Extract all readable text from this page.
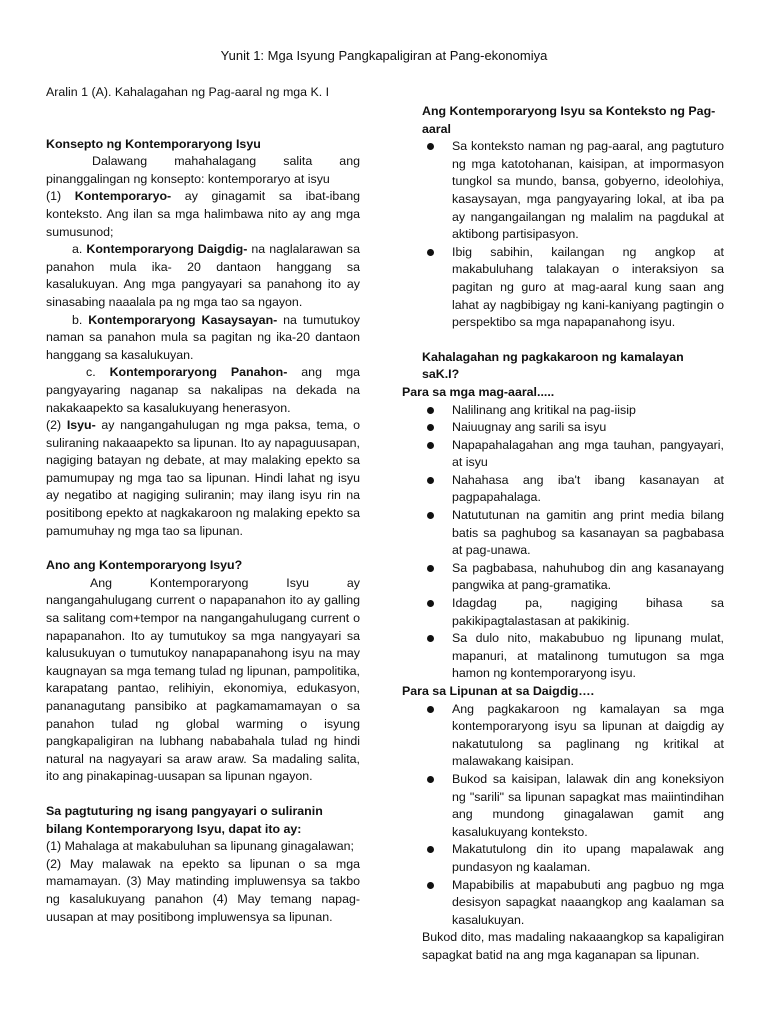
Yunit 1: Mga Isyung Pangkapaligiran at Pang-ekonomiya

Aralin 1 (A). Kahalagahan ng Pag-aaral ng mga K. I

Konsepto ng Kontemporaryong Isyu

Dalawang mahahalagang salita ang pinanggalingan ng konsepto: kontemporaryo at isyu

(1) Kontemporaryo- ay ginagamit sa ibat-ibang konteksto. Ang ilan sa mga halimbawa nito ay ang mga sumusunod;

a. Kontemporaryong Daigdig- na naglalarawan sa panahon mula ika- 20 dantaon hanggang sa kasalukuyan. Ang mga pangyayari sa panahong ito ay sinasabing naaalala pa ng mga tao sa ngayon.

b. Kontemporaryong Kasaysayan- na tumutukoy naman sa panahon mula sa pagitan ng ika-20 dantaon hanggang sa kasalukuyan.

c. Kontemporaryong Panahon- ang mga pangyayaring naganap sa nakalipas na dekada na nakakaapekto sa kasalukuyang henerasyon.

(2) Isyu- ay nangangahulugan ng mga paksa, tema, o suliraning nakaaapekto sa lipunan. Ito ay napaguusapan, nagiging batayan ng debate, at may malaking epekto sa pamumupay ng mga tao sa lipunan. Hindi lahat ng isyu ay negatibo at nagiging suliranin; may ilang isyu rin na positibong epekto at nagkakaroon ng malaking epekto sa pamumuhay ng mga tao sa lipunan.

Ano ang Kontemporaryong Isyu?

Ang Kontemporaryong Isyu ay nangangahulugang current o napapanahon ito ay galling sa salitang com+tempor na nangangahulugang current o napapanahon. Ito ay tumutukoy sa mga nangyayari sa kalusukuyan o tumutukoy nanapapanahong isyu na may kaugnayan sa mga temang tulad ng lipunan, pampolitika, karapatang pantao, relihiyin, ekonomiya, edukasyon, pananagutang pansibiko at pagkamamamayan o sa panahon tulad ng global warming o isyung pangkapaligiran na lubhang nababahala tulad ng hindi natural na nagyayari sa araw araw. Sa madaling salita, ito ang pinakapinag-uusapan sa lipunan ngayon.

Sa pagtuturing ng isang pangyayari o suliranin bilang Kontemporaryong Isyu, dapat ito ay:

(1) Mahalaga at makabuluhan sa lipunang ginagalawan;

(2) May malawak na epekto sa lipunan o sa mga mamamayan. (3) May matinding impluwensya sa takbo ng kasalukuyang panahon (4) May temang napag-uusapan at may positibong impluwensya sa lipunan.

Ang Kontemporaryong Isyu sa Konteksto ng Pag-aaral

Sa konteksto naman ng pag-aaral, ang pagtuturo ng mga katotohanan, kaisipan, at impormasyon tungkol sa mundo, bansa, gobyerno, ideolohiya, kasaysayan, mga pangyayaring lokal, at iba pa ay nangangailangan ng malalim na pagdukal at aktibong partisipasyon.
Ibig sabihin, kailangan ng angkop at makabuluhang talakayan o interaksiyon sa pagitan ng guro at mag-aaral kung saan ang lahat ay nagbibigay ng kani-kaniyang pagtingin o perspektibo sa mga napapanahong isyu.

Kahalagahan ng pagkakaroon ng kamalayan saK.I?

Para sa mga mag-aaral.....

Nalilinang ang kritikal na pag-iisip
Naiuugnay ang sarili sa isyu
Napapahalagahan ang mga tauhan, pangyayari, at isyu
Nahahasa ang iba't ibang kasanayan at pagpapahalaga.
Natututunan na gamitin ang print media bilang batis sa paghubog sa kasanayan sa pagbabasa at pag-unawa.
Sa pagbabasa, nahuhubog din ang kasanayang pangwika at pang-gramatika.
Idagdag pa, nagiging bihasa sa pakikipagtalastasan at pakikinig.
Sa dulo nito, makabubuo ng lipunang mulat, mapanuri, at matalinong tumutugon sa mga hamon ng kontemporaryong isyu.

Para sa Lipunan at sa Daigdig….

Ang pagkakaroon ng kamalayan sa mga kontemporaryong isyu sa lipunan at daigdig ay nakatutulong sa paglinang ng kritikal at malawakang kaisipan.
Bukod sa kaisipan, lalawak din ang koneksiyon ng "sarili" sa lipunan sapagkat mas maiintindihan ang mundong ginagalawan gamit ang kasalukuyang konteksto.
Makatutulong din ito upang mapalawak ang pundasyon ng kaalaman.
Mapabibilis at mapabubuti ang pagbuo ng mga desisyon sapagkat naaangkop ang kaalaman sa kasalukuyan.

Bukod dito, mas madaling nakaaangkop sa kapaligiran sapagkat batid na ang mga kaganapan sa lipunan.
